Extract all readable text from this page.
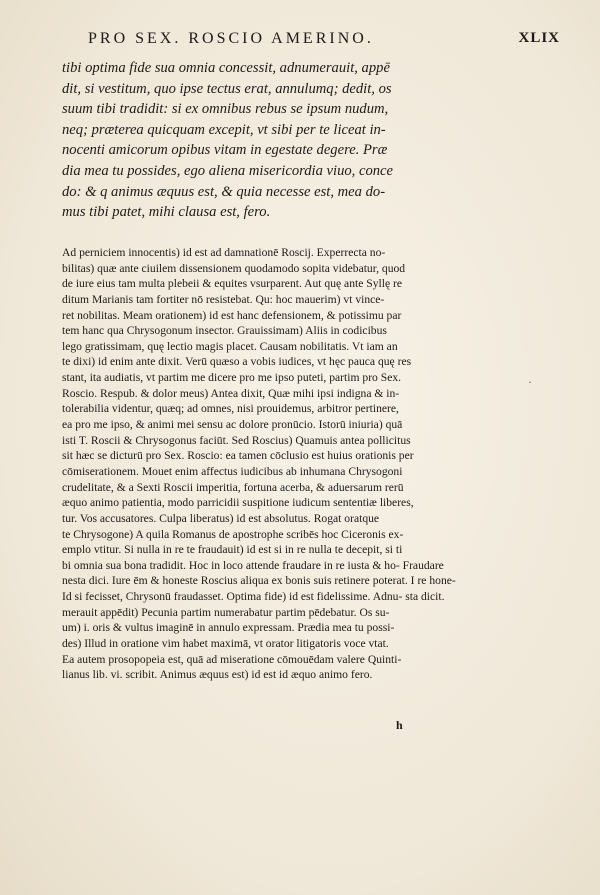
PRO SEX. ROSCIO AMERINO.	XLIX
tibi optima fide sua omnia concessit, adnumerauit, appē
dit, si vestitum, quo ipse tectus erat, annulumq; dedit, os
suum tibi tradidit: si ex omnibus rebus se ipsum nudum,
neq; præterea quicquam excepit, vt sibi per te liceat in-
nocenti amicorum opibus vitam in egestate degere. Præ
dia mea tu possides, ego aliena misericordia viuo, conce
do: & q animus æquus est, & quia necesse est, mea do-
mus tibi patet, mihi clausa est, fero.
Ad perniciem innocentis) id est ad damnationē Roscij. Experrecta no-
bilitas) quæ ante ciuilem dissensionem quodamodo sopita videbatur, quod
de iure eius tam multa plebeii & equites vsurparent. Aut quę ante Syllę re
ditum Marianis tam fortiter nō resistebat. Qu: hoc mauerim) vt vince-
ret nobilitas. Meam orationem) id est hanc defensionem, & potissimu par
tem hanc qua Chrysogonum insector. Grauissimam) Aliis in codicibus
lego gratissimam, quę lectio magis placet. Causam nobilitatis. Vt iam an
te dixi) id enim ante dixit. Verū quæso a vobis iudices, vt hęc pauca quę res
stant, ita audiatis, vt partim me dicere pro me ipso puteti, partim pro Sex.
Roscio. Respub. & dolor meus) Antea dixit, Quæ mihi ipsi indigna & in-
tolerabilia videntur, quæq; ad omnes, nisi prouidemus, arbitror pertinere,
ea pro me ipso, & animi mei sensu ac dolore pronūcio. Istorū iniuria) quā
isti T. Roscii & Chrysogonus faciūt. Sed Roscius) Quamuis antea pollicitus
sit hæc se dicturū pro Sex. Roscio: ea tamen cōclusio est huius orationis per
cōmiserationem. Mouet enim affectus iudicibus ab inhumana Chrysogoni
crudelitate, & a Sexti Roscii imperitia, fortuna acerba, & aduersarum rerū
æquo animo patientia, modo parricidii suspitione iudicum sententiæ liberes,
tur. Vos accusatores. Culpa liberatus) id est absolutus. Rogat oratque
te Chrysogone) A quila Romanus de apostrophe scribēs hoc Ciceronis ex-
emplo vtitur. Si nulla in re te fraudauit) id est si in re nulla te decepit, si ti
bi omnia sua bona tradidit. Hoc in loco attende fraudare in re iusta & ho- Fraudare
nesta dici. Iure ēm & honeste Roscius aliqua ex bonis suis retinere poterat. I re hone-
Id si fecisset, Chrysonū fraudasset. Optima fide) id est fidelissime. Adnu- sta dicit.
merauit appēdit) Pecunia partim numerabatur partim pēdebatur. Os su-
um) i. oris & vultus imaginē in annulo expressam. Prædia mea tu possi-
des) Illud in oratione vim habet maximā, vt orator litigatoris voce vtat.
Ea autem prosopopeia est, quā ad miseratione cōmouēdam valere Quinti-
lianus lib. vi. scribit. Animus æquus est) id est id æquo animo fero.
·
h
